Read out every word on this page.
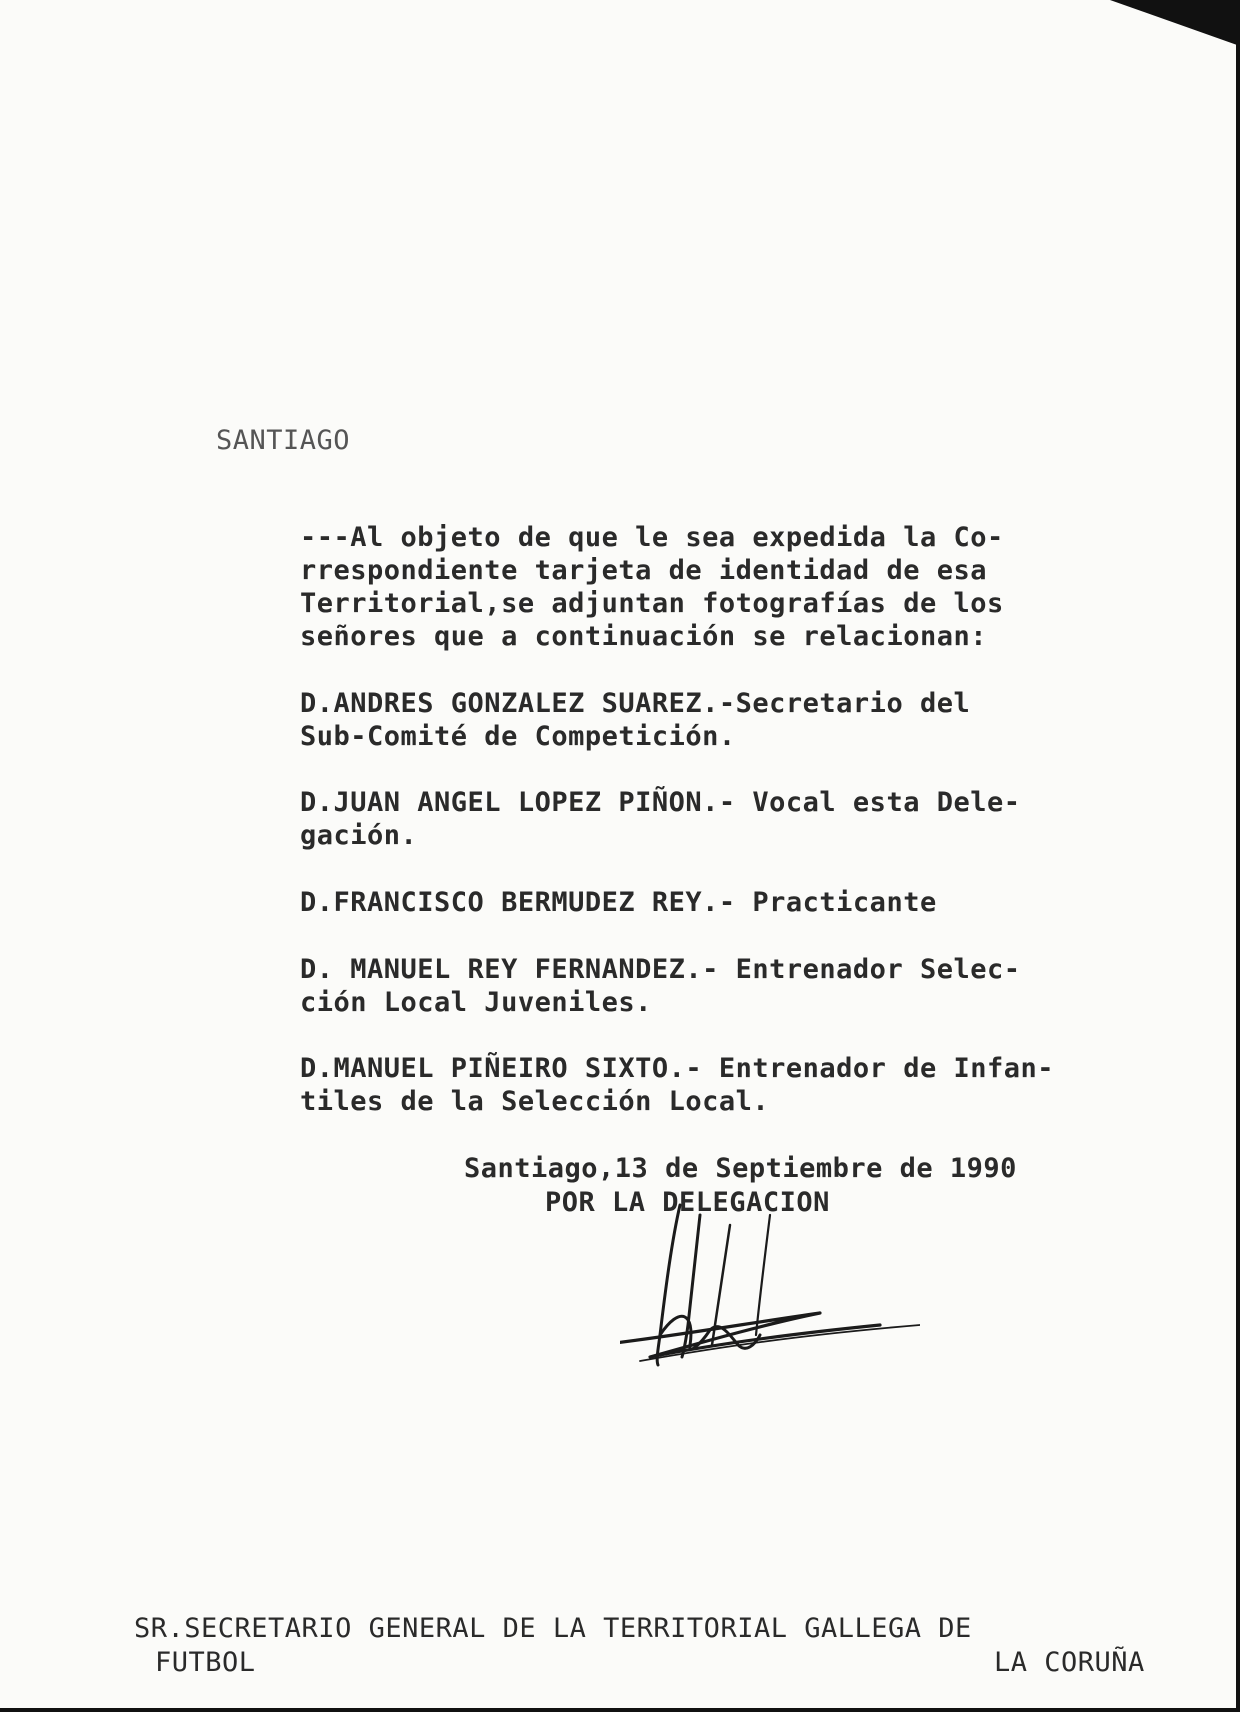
SANTIAGO
---Al objeto de que le sea expedida la Co-
rrespondiente tarjeta de identidad de esa
Territorial,se adjuntan fotografías de los
señores que a continuación se relacionan:
D.ANDRES GONZALEZ SUAREZ.-Secretario del
Sub-Comité de Competición.
D.JUAN ANGEL LOPEZ PIÑON.- Vocal esta Dele-
gación.
D.FRANCISCO BERMUDEZ REY.- Practicante
D. MANUEL REY FERNANDEZ.- Entrenador Selec-
ción Local Juveniles.
D.MANUEL PIÑEIRO SIXTO.- Entrenador de Infan-
tiles de la Selección Local.
Santiago,13 de Septiembre de 1990
POR LA DELEGACION
SR.SECRETARIO GENERAL DE LA TERRITORIAL GALLEGA DE
FUTBOL	LA CORUÑA
